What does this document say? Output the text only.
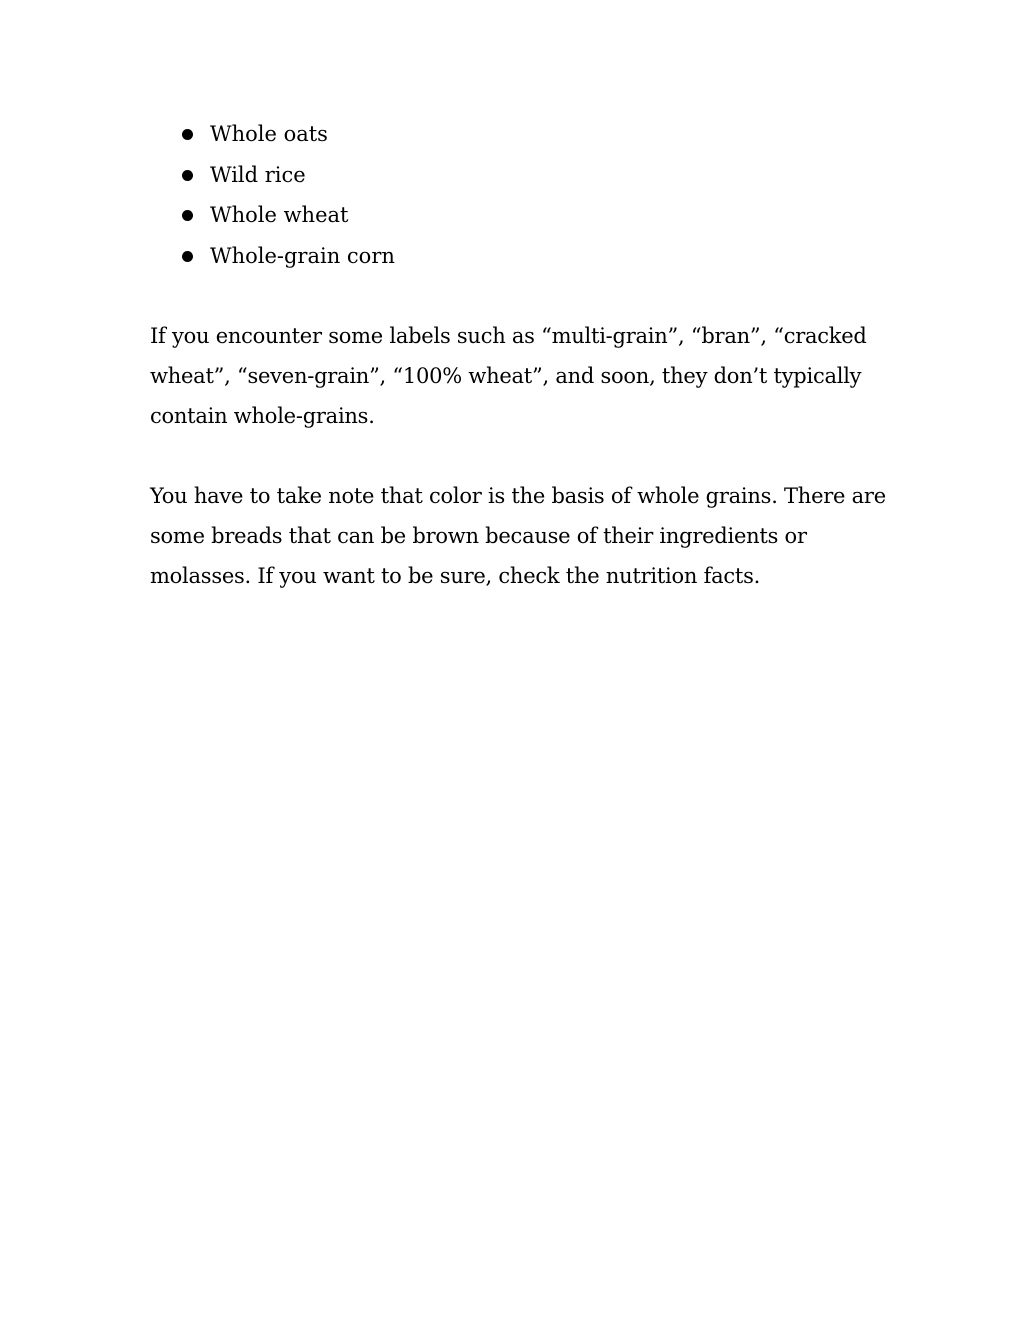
Whole oats
Wild rice
Whole wheat
Whole-grain corn

If you encounter some labels such as “multi-grain”, “bran”, “cracked wheat”, “seven-grain”, “100% wheat”, and soon, they don’t typically contain whole-grains.

You have to take note that color is the basis of whole grains. There are some breads that can be brown because of their ingredients or molasses. If you want to be sure, check the nutrition facts.
